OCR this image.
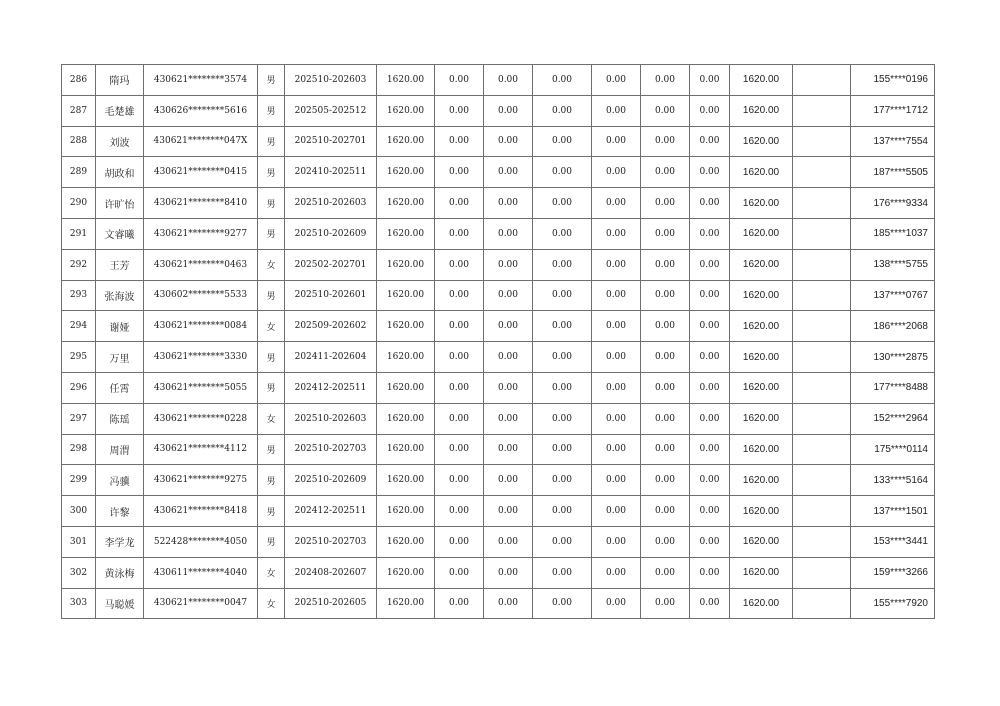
286	隋玛	430621********3574	男	202510-202603	1620.00	0.00	0.00	0.00	0.00	0.00	0.00	1620.00		155****0196
287	毛楚雄	430626********5616	男	202505-202512	1620.00	0.00	0.00	0.00	0.00	0.00	0.00	1620.00		177****1712
288	刘波	430621********047X	男	202510-202701	1620.00	0.00	0.00	0.00	0.00	0.00	0.00	1620.00		137****7554
289	胡政和	430621********0415	男	202410-202511	1620.00	0.00	0.00	0.00	0.00	0.00	0.00	1620.00		187****5505
290	许旷怡	430621********8410	男	202510-202603	1620.00	0.00	0.00	0.00	0.00	0.00	0.00	1620.00		176****9334
291	文睿曦	430621********9277	男	202510-202609	1620.00	0.00	0.00	0.00	0.00	0.00	0.00	1620.00		185****1037
292	王芳	430621********0463	女	202502-202701	1620.00	0.00	0.00	0.00	0.00	0.00	0.00	1620.00		138****5755
293	张海波	430602********5533	男	202510-202601	1620.00	0.00	0.00	0.00	0.00	0.00	0.00	1620.00		137****0767
294	谢娅	430621********0084	女	202509-202602	1620.00	0.00	0.00	0.00	0.00	0.00	0.00	1620.00		186****2068
295	万里	430621********3330	男	202411-202604	1620.00	0.00	0.00	0.00	0.00	0.00	0.00	1620.00		130****2875
296	任霄	430621********5055	男	202412-202511	1620.00	0.00	0.00	0.00	0.00	0.00	0.00	1620.00		177****8488
297	陈瑶	430621********0228	女	202510-202603	1620.00	0.00	0.00	0.00	0.00	0.00	0.00	1620.00		152****2964
298	周渭	430621********4112	男	202510-202703	1620.00	0.00	0.00	0.00	0.00	0.00	0.00	1620.00		175****0114
299	冯骥	430621********9275	男	202510-202609	1620.00	0.00	0.00	0.00	0.00	0.00	0.00	1620.00		133****5164
300	许黎	430621********8418	男	202412-202511	1620.00	0.00	0.00	0.00	0.00	0.00	0.00	1620.00		137****1501
301	李学龙	522428********4050	男	202510-202703	1620.00	0.00	0.00	0.00	0.00	0.00	0.00	1620.00		153****3441
302	黄泳梅	430611********4040	女	202408-202607	1620.00	0.00	0.00	0.00	0.00	0.00	0.00	1620.00		159****3266
303	马聪媛	430621********0047	女	202510-202605	1620.00	0.00	0.00	0.00	0.00	0.00	0.00	1620.00		155****7920
